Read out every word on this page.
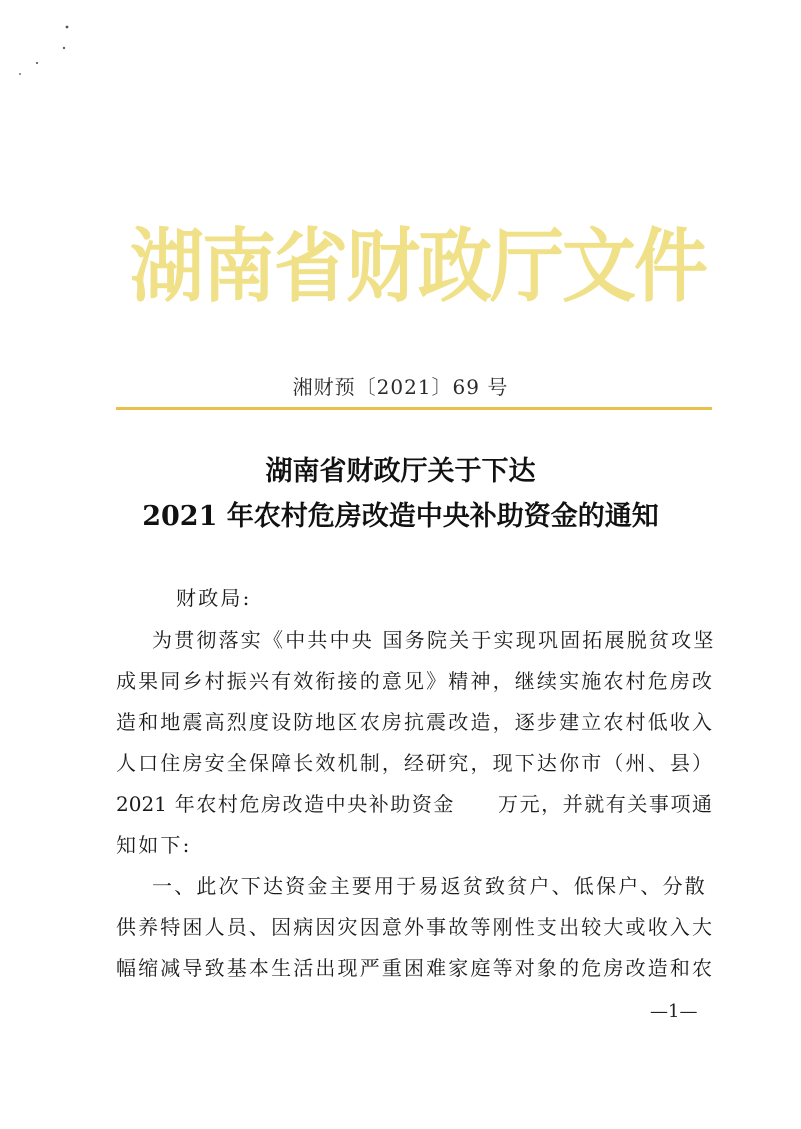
湖南省财政厅文件
湘财预〔2021〕69 号
湖南省财政厅关于下达
2021 年农村危房改造中央补助资金的通知
财政局:
为贯彻落实《中共中央 国务院关于实现巩固拓展脱贫攻坚
成果同乡村振兴有效衔接的意见》精神，继续实施农村危房改
造和地震高烈度设防地区农房抗震改造，逐步建立农村低收入
人口住房安全保障长效机制，经研究，现下达你市（州、县）
2021 年农村危房改造中央补助资金　　万元，并就有关事项通
知如下:
一、此次下达资金主要用于易返贫致贫户、低保户、分散
供养特困人员、因病因灾因意外事故等刚性支出较大或收入大
幅缩减导致基本生活出现严重困难家庭等对象的危房改造和农
—1—
